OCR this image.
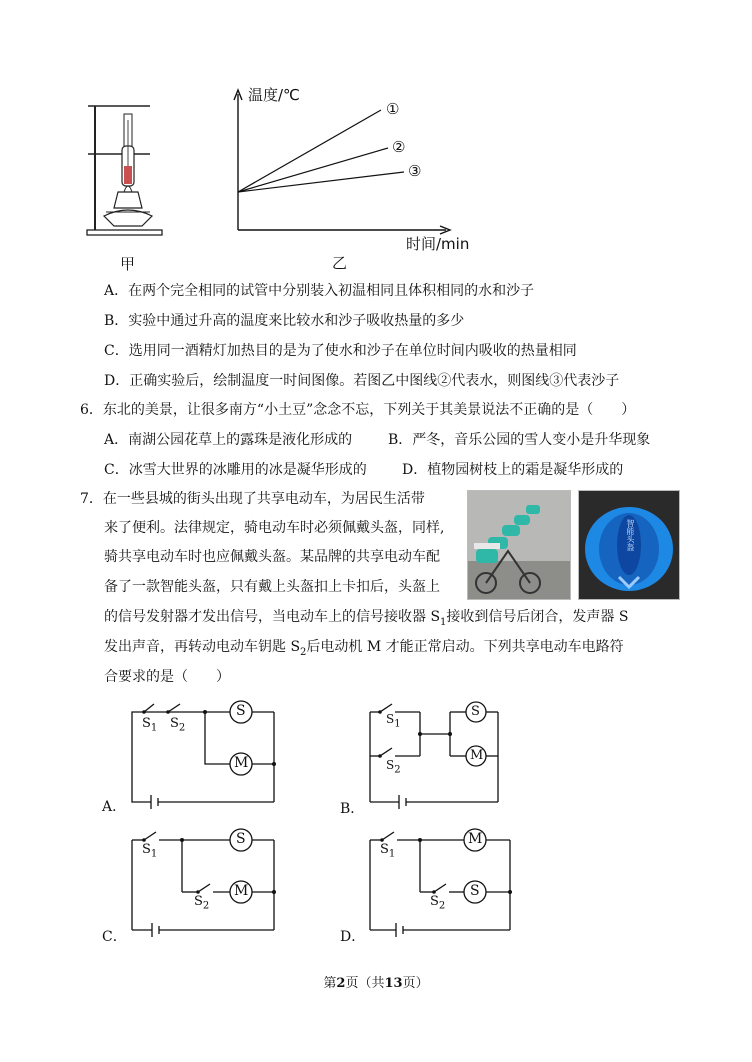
甲
温度/℃
时间/min
①
②
③
乙
A．在两个完全相同的试管中分别装入初温相同且体积相同的水和沙子
B．实验中通过升高的温度来比较水和沙子吸收热量的多少
C．选用同一酒精灯加热目的是为了使水和沙子在单位时间内吸收的热量相同
D．正确实验后，绘制温度一时间图像。若图乙中图线②代表水，则图线③代表沙子
6．东北的美景，让很多南方“小土豆”念念不忘，下列关于其美景说法不正确的是（　　）
A．南湖公园花草上的露珠是液化形成的	B．严冬，音乐公园的雪人变小是升华现象
C．冰雪大世界的冰雕用的冰是凝华形成的	D．植物园树枝上的霜是凝华形成的
7．在一些县城的街头出现了共享电动车，为居民生活带
来了便利。法律规定，骑电动车时必须佩戴头盔，同样,
骑共享电动车时也应佩戴头盔。某品牌的共享电动车配
备了一款智能头盔，只有戴上头盔扣上卡扣后，头盔上
的信号发射器才发出信号，当电动车上的信号接收器 $S_1$接收到信号后闭合，发声器 S
发出声音，再转动电动车钥匙 $S_2$后电动机 M 才能正常启动。下列共享电动车电路符
合要求的是（　　）
智能头盔
S
M
$S_1$ $S_2$
A．
S
M
$S_1$
$S_2$
B．
S
M
$S_1$
$S_2$
C．
M
S
$S_1$
$S_2$
D．
第2页（共13页）
